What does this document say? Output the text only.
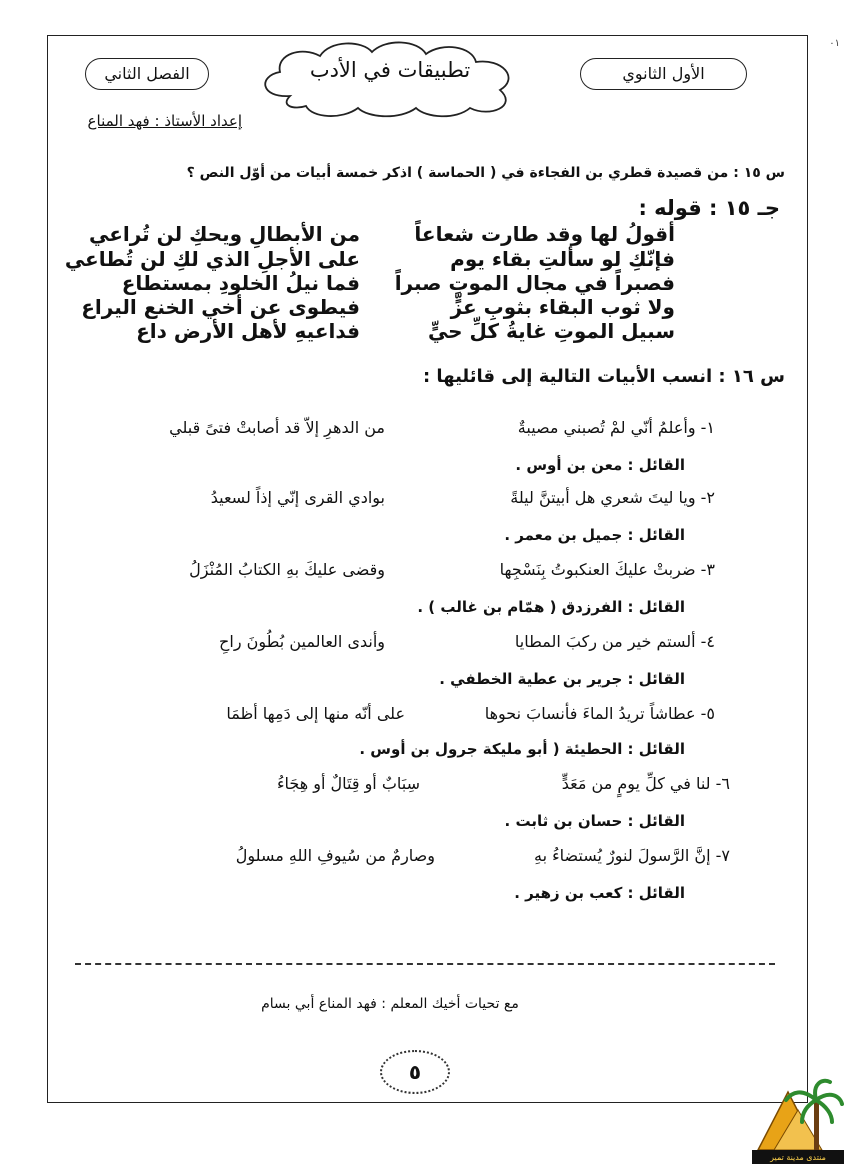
٠١
الأول الثانوي
تطبيقات في الأدب
الفصل الثاني
إعداد الأستاذ : فهد المناع
س ١٥ : من قصيدة قطري بن الفجاءة في ( الحماسة ) اذكر خمسة أبيات من أوّل النص ؟
جـ ١٥ : قوله :
أقولُ لها وقد طارت شعاعاً
من الأبطالِ ويحكِ لن تُراعي
فإنّكِ لو سألتِ بقاء يوم
على الأجلِ الذي لكِ لن تُطاعي
فصبراً في مجال الموتِ صبراً
فما نيلُ الخلودِ بمستطاع
ولا ثوب البقاء بثوبِ عزٍّ
فيطوى عن أخي الخنع اليراع
سبيل الموتِ غايةُ كلِّ حيٍّ
فداعيهِ لأهل الأرض داع
س ١٦ : انسب الأبيات التالية إلى قائليها :
١- وأعلمُ أنّي لمْ تُصبني مصيبةٌ
من الدهرِ إلاّ قد أصابتْ فتىً قبلي
القائل : معن بن أوس .
٢- ويا ليتَ شعري هل أبيتنَّ ليلةً
بوادي القرى إنّي إذاً لسعيدُ
القائل : جميل بن معمر .
٣- ضربتْ عليكَ العنكبوتُ بِنَسْجِها
وقضى عليكَ بهِ الكتابُ المُنْزَلُ
القائل : الفرزدق ( همّام بن غالب ) .
٤- ألستم خير من ركبَ المطايا
وأندى العالمين بُطُونَ راحِ
القائل : جرير بن عطية الخطفي .
٥- عطاشاً تريدُ الماءَ فأنسابَ نحوها
على أنّه منها إلى دَمِها أظمَا
القائل : الحطيئة ( أبو مليكة جرول بن أوس .
٦- لنا في كلِّ يومٍ من مَعَدٍّ
سِبَابٌ أو قِتَالٌ أو هِجَاءُ
القائل : حسان بن ثابت .
٧- إنَّ الرَّسولَ لنورٌ يُستضاءُ بهِ
وصارمٌ من سُيوفِ اللهِ مسلولُ
القائل : كعب بن زهير .
مع تحيات أخيك المعلم : فهد المناع أبي بسام
٥
منتدى مدينة تمير
